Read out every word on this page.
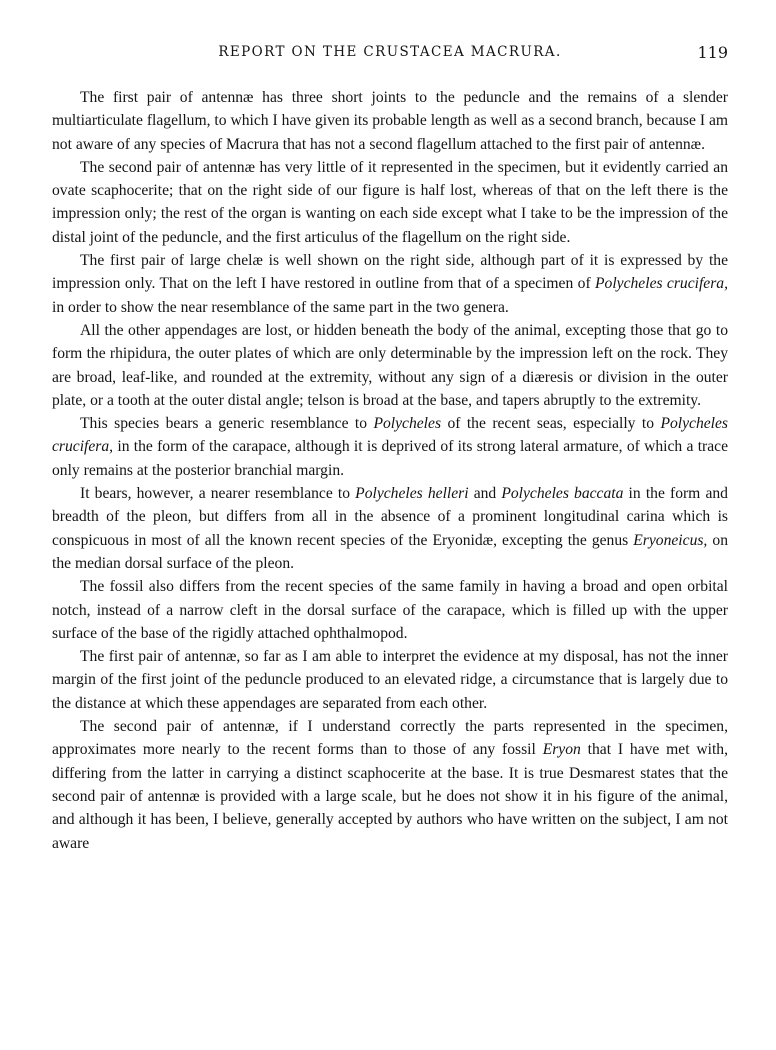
REPORT ON THE CRUSTACEA MACRURA.	119

The first pair of antennæ has three short joints to the peduncle and the remains of a slender multiarticulate flagellum, to which I have given its probable length as well as a second branch, because I am not aware of any species of Macrura that has not a second flagellum attached to the first pair of antennæ.

The second pair of antennæ has very little of it represented in the specimen, but it evidently carried an ovate scaphocerite; that on the right side of our figure is half lost, whereas of that on the left there is the impression only; the rest of the organ is wanting on each side except what I take to be the impression of the distal joint of the peduncle, and the first articulus of the flagellum on the right side.

The first pair of large chelæ is well shown on the right side, although part of it is expressed by the impression only. That on the left I have restored in outline from that of a specimen of Polycheles crucifera, in order to show the near resemblance of the same part in the two genera.

All the other appendages are lost, or hidden beneath the body of the animal, excepting those that go to form the rhipidura, the outer plates of which are only determinable by the impression left on the rock. They are broad, leaf-like, and rounded at the extremity, without any sign of a diæresis or division in the outer plate, or a tooth at the outer distal angle; telson is broad at the base, and tapers abruptly to the extremity.

This species bears a generic resemblance to Polycheles of the recent seas, especially to Polycheles crucifera, in the form of the carapace, although it is deprived of its strong lateral armature, of which a trace only remains at the posterior branchial margin.

It bears, however, a nearer resemblance to Polycheles helleri and Polycheles baccata in the form and breadth of the pleon, but differs from all in the absence of a prominent longitudinal carina which is conspicuous in most of all the known recent species of the Eryonidæ, excepting the genus Eryoneicus, on the median dorsal surface of the pleon.

The fossil also differs from the recent species of the same family in having a broad and open orbital notch, instead of a narrow cleft in the dorsal surface of the carapace, which is filled up with the upper surface of the base of the rigidly attached ophthalmopod.

The first pair of antennæ, so far as I am able to interpret the evidence at my disposal, has not the inner margin of the first joint of the peduncle produced to an elevated ridge, a circumstance that is largely due to the distance at which these appendages are separated from each other.

The second pair of antennæ, if I understand correctly the parts represented in the specimen, approximates more nearly to the recent forms than to those of any fossil Eryon that I have met with, differing from the latter in carrying a distinct scaphocerite at the base. It is true Desmarest states that the second pair of antennæ is provided with a large scale, but he does not show it in his figure of the animal, and although it has been, I believe, generally accepted by authors who have written on the subject, I am not aware
